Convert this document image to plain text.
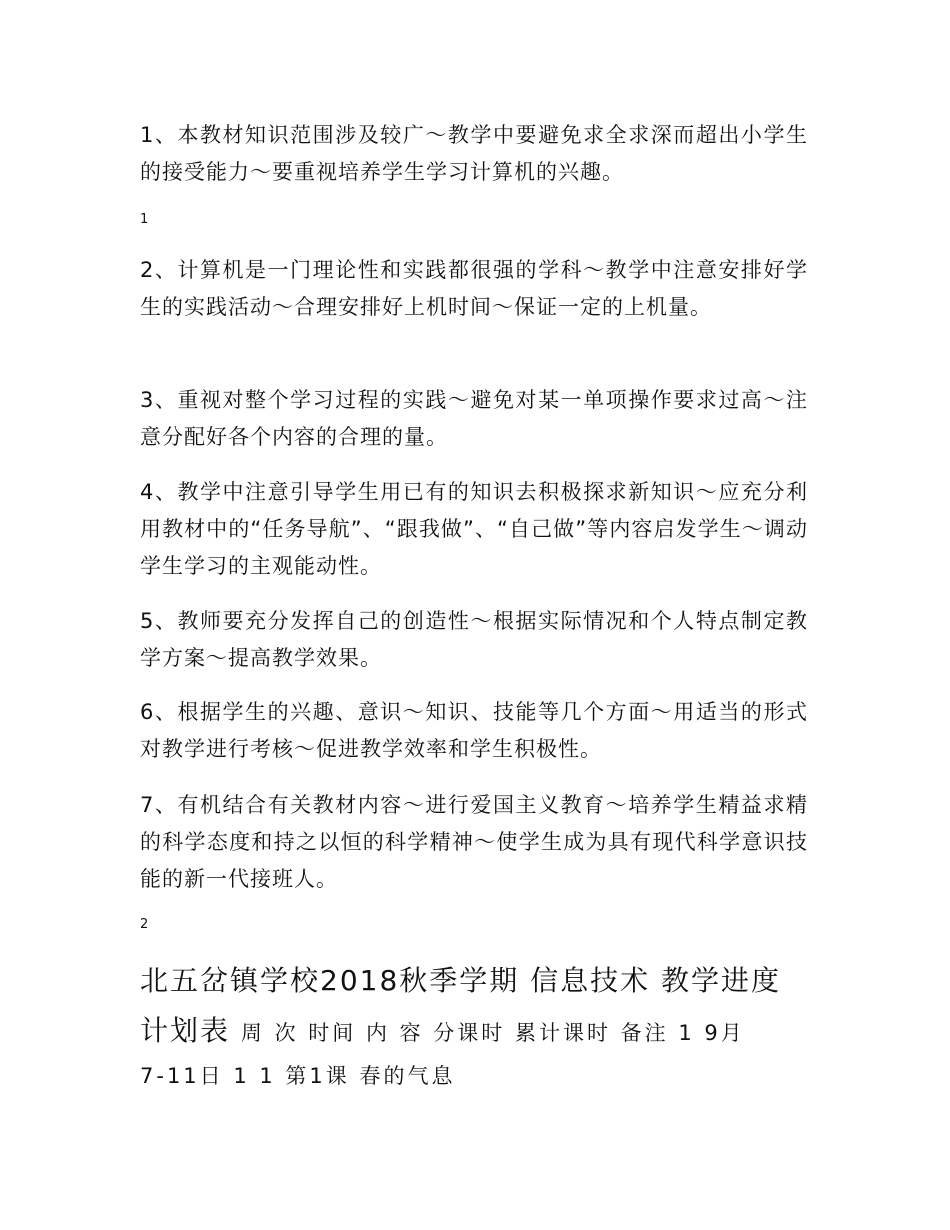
1、本教材知识范围涉及较广～教学中要避免求全求深而超出小学生的接受能力～要重视培养学生学习计算机的兴趣。

1

2、计算机是一门理论性和实践都很强的学科～教学中注意安排好学生的实践活动～合理安排好上机时间～保证一定的上机量。

3、重视对整个学习过程的实践～避免对某一单项操作要求过高～注意分配好各个内容的合理的量。

4、教学中注意引导学生用已有的知识去积极探求新知识～应充分利用教材中的“任务导航”、“跟我做”、“自己做”等内容启发学生～调动学生学习的主观能动性。

5、教师要充分发挥自己的创造性～根据实际情况和个人特点制定教学方案～提高教学效果。

6、根据学生的兴趣、意识～知识、技能等几个方面～用适当的形式对教学进行考核～促进教学效率和学生积极性。

7、有机结合有关教材内容～进行爱国主义教育～培养学生精益求精的科学态度和持之以恒的科学精神～使学生成为具有现代科学意识技能的新一代接班人。

2

北五岔镇学校2018秋季学期 信息技术 教学进度计划表 周 次 时间 内 容 分课时 累计课时 备注 1 9月

7-11日 1 1 第1课 春的气息
